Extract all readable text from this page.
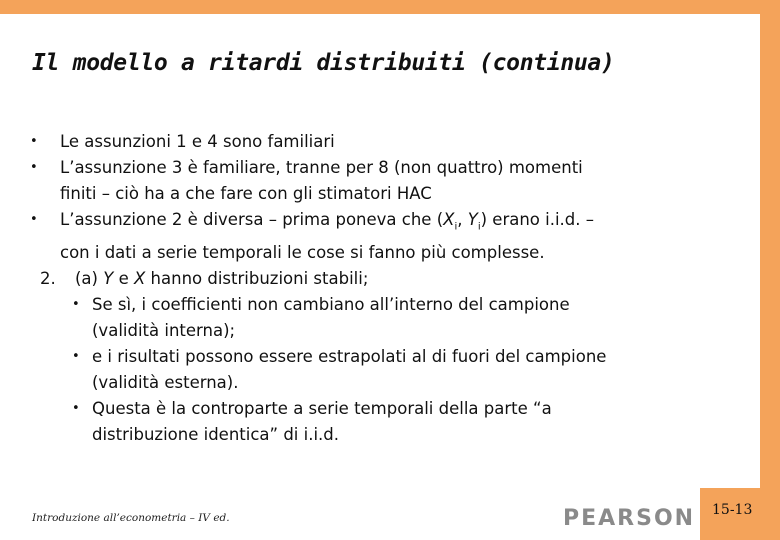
Il modello a ritardi distribuiti (continua)
• Le assunzioni 1 e 4 sono familiari
• L’assunzione 3 è familiare, tranne per 8 (non quattro) momenti
finiti – ciò ha a che fare con gli stimatori HAC
• L’assunzione 2 è diversa – prima poneva che ($X_i$, $Y_i$) erano i.i.d. –
con i dati a serie temporali le cose si fanno più complesse.
2. (a) Y e X hanno distribuzioni stabili;
• Se sì, i coefficienti non cambiano all’interno del campione
(validità interna);
• e i risultati possono essere estrapolati al di fuori del campione
(validità esterna).
• Questa è la controparte a serie temporali della parte “a
distribuzione identica” di i.i.d.
Introduzione all’econometria – IV ed.	PEARSON 15-13
